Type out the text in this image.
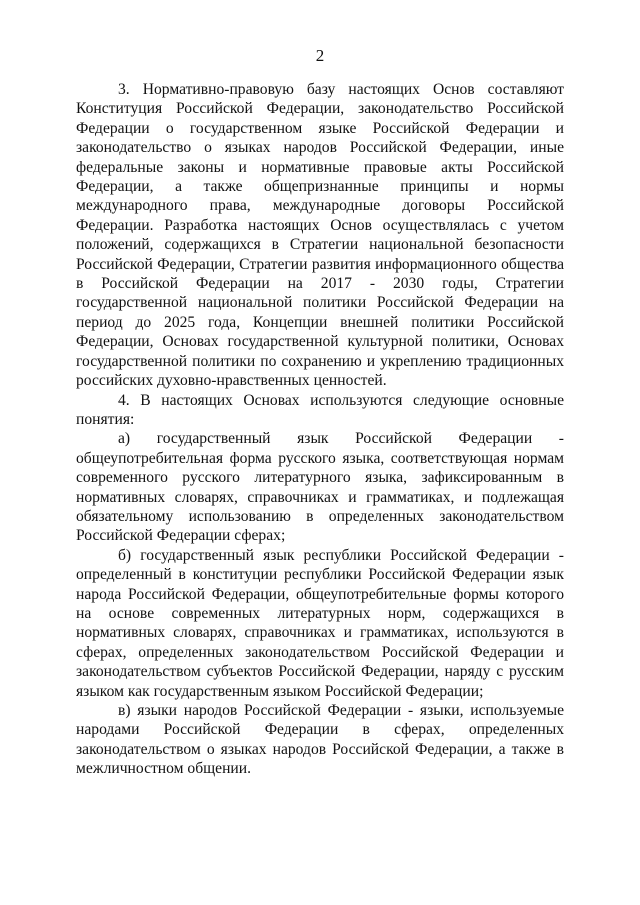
2

3. Нормативно-правовую базу настоящих Основ составляют Конституция Российской Федерации, законодательство Российской Федерации о государственном языке Российской Федерации и законодательство о языках народов Российской Федерации, иные федеральные законы и нормативные правовые акты Российской Федерации, а также общепризнанные принципы и нормы международного права, международные договоры Российской Федерации. Разработка настоящих Основ осуществлялась с учетом положений, содержащихся в Стратегии национальной безопасности Российской Федерации, Стратегии развития информационного общества в Российской Федерации на 2017 - 2030 годы, Стратегии государственной национальной политики Российской Федерации на период до 2025 года, Концепции внешней политики Российской Федерации, Основах государственной культурной политики, Основах государственной политики по сохранению и укреплению традиционных российских духовно-нравственных ценностей.

4. В настоящих Основах используются следующие основные понятия:

а) государственный язык Российской Федерации - общеупотребительная форма русского языка, соответствующая нормам современного русского литературного языка, зафиксированным в нормативных словарях, справочниках и грамматиках, и подлежащая обязательному использованию в определенных законодательством Российской Федерации сферах;

б) государственный язык республики Российской Федерации - определенный в конституции республики Российской Федерации язык народа Российской Федерации, общеупотребительные формы которого на основе современных литературных норм, содержащихся в нормативных словарях, справочниках и грамматиках, используются в сферах, определенных законодательством Российской Федерации и законодательством субъектов Российской Федерации, наряду с русским языком как государственным языком Российской Федерации;

в) языки народов Российской Федерации - языки, используемые народами Российской Федерации в сферах, определенных законодательством о языках народов Российской Федерации, а также в межличностном общении.
